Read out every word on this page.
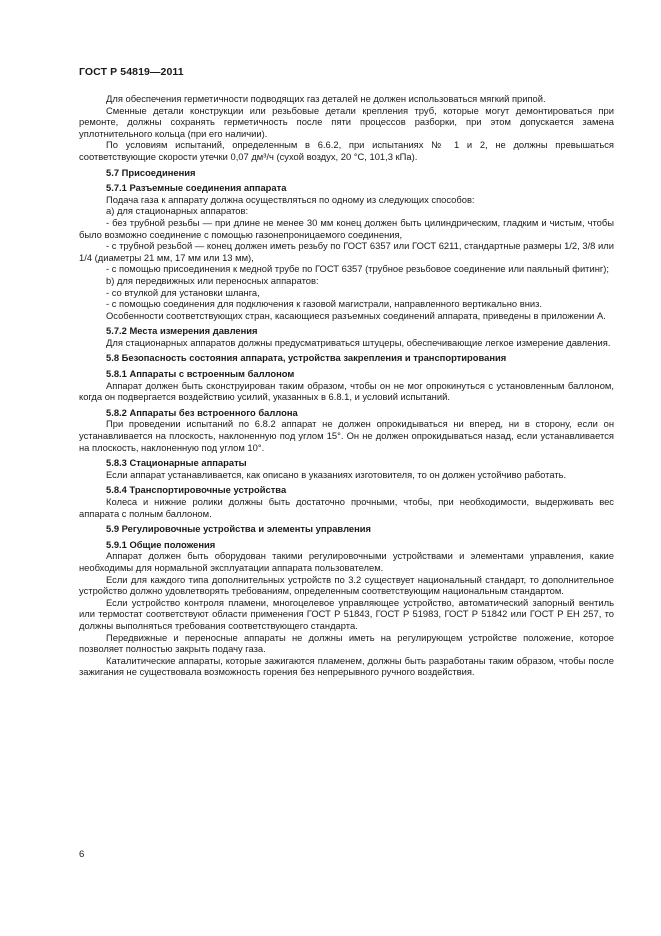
ГОСТ Р 54819—2011

Для обеспечения герметичности подводящих газ деталей не должен использоваться мягкий припой.

Сменные детали конструкции или резьбовые детали крепления труб, которые могут демонтироваться при ремонте, должны сохранять герметичность после пяти процессов разборки, при этом допускается замена уплотнительного кольца (при его наличии).

По условиям испытаний, определенным в 6.6.2, при испытаниях № 1 и 2, не должны превышаться соответствующие скорости утечки 0,07 дм³/ч (сухой воздух, 20 °С, 101,3 кПа).

5.7 Присоединения

5.7.1 Разъемные соединения аппарата

Подача газа к аппарату должна осуществляться по одному из следующих способов:

a) для стационарных аппаратов:

- без трубной резьбы — при длине не менее 30 мм конец должен быть цилиндрическим, гладким и чистым, чтобы было возможно соединение с помощью газонепроницаемого соединения,

- с трубной резьбой — конец должен иметь резьбу по ГОСТ 6357 или ГОСТ 6211, стандартные размеры 1/2, 3/8 или 1/4 (диаметры 21 мм, 17 мм или 13 мм),

- с помощью присоединения к медной трубе по ГОСТ 6357 (трубное резьбовое соединение или паяльный фитинг);

b) для передвижных или переносных аппаратов:

- со втулкой для установки шланга,

- с помощью соединения для подключения к газовой магистрали, направленного вертикально вниз.

Особенности соответствующих стран, касающиеся разъемных соединений аппарата, приведены в приложении А.

5.7.2 Места измерения давления

Для стационарных аппаратов должны предусматриваться штуцеры, обеспечивающие легкое измерение давления.

5.8 Безопасность состояния аппарата, устройства закрепления и транспортирования

5.8.1 Аппараты с встроенным баллоном

Аппарат должен быть сконструирован таким образом, чтобы он не мог опрокинуться с установленным баллоном, когда он подвергается воздействию усилий, указанных в 6.8.1, и условий испытаний.

5.8.2 Аппараты без встроенного баллона

При проведении испытаний по 6.8.2 аппарат не должен опрокидываться ни вперед, ни в сторону, если он устанавливается на плоскость, наклоненную под углом 15°. Он не должен опрокидываться назад, если устанавливается на плоскость, наклоненную под углом 10°.

5.8.3 Стационарные аппараты

Если аппарат устанавливается, как описано в указаниях изготовителя, то он должен устойчиво работать.

5.8.4 Транспортировочные устройства

Колеса и нижние ролики должны быть достаточно прочными, чтобы, при необходимости, выдерживать вес аппарата с полным баллоном.

5.9 Регулировочные устройства и элементы управления

5.9.1 Общие положения

Аппарат должен быть оборудован такими регулировочными устройствами и элементами управления, какие необходимы для нормальной эксплуатации аппарата пользователем.

Если для каждого типа дополнительных устройств по 3.2 существует национальный стандарт, то дополнительное устройство должно удовлетворять требованиям, определенным соответствующим национальным стандартом.

Если устройство контроля пламени, многоцелевое управляющее устройство, автоматический запорный вентиль или термостат соответствуют области применения ГОСТ Р 51843, ГОСТ Р 51983, ГОСТ Р 51842 или ГОСТ Р ЕН 257, то должны выполняться требования соответствующего стандарта.

Передвижные и переносные аппараты не должны иметь на регулирующем устройстве положение, которое позволяет полностью закрыть подачу газа.

Каталитические аппараты, которые зажигаются пламенем, должны быть разработаны таким образом, чтобы после зажигания не существовала возможность горения без непрерывного ручного воздействия.

6
